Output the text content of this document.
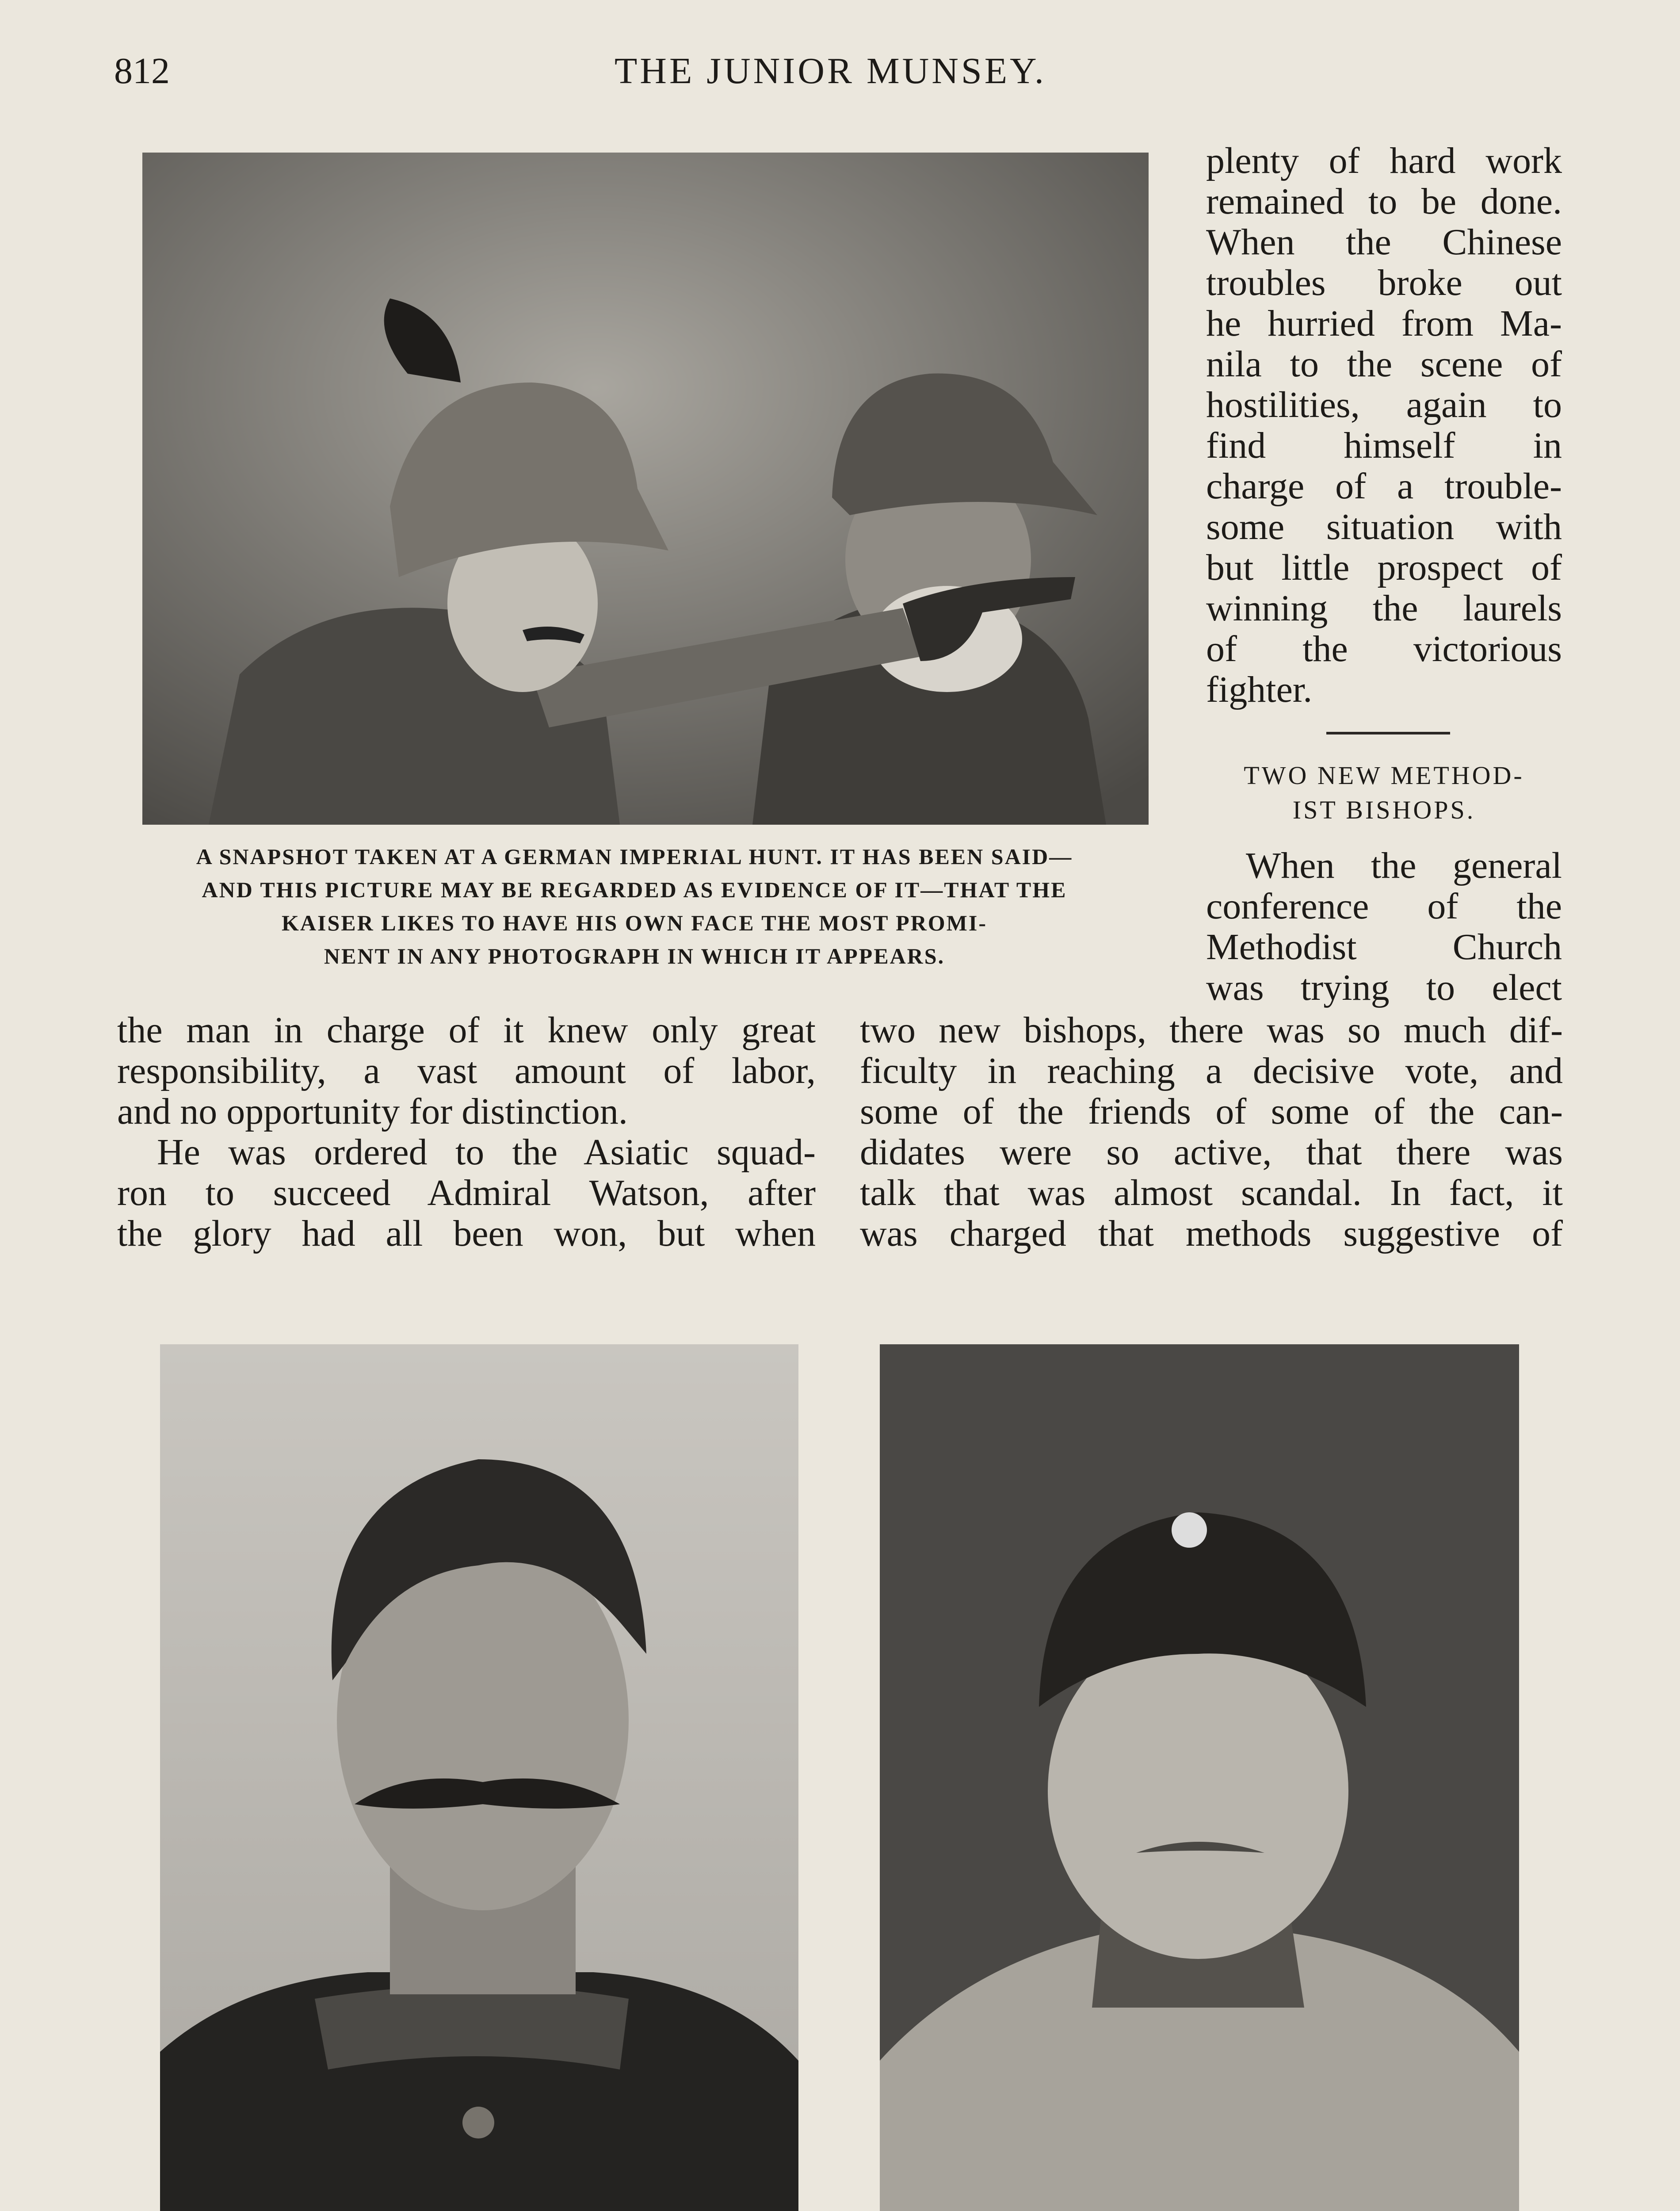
812	THE JUNIOR MUNSEY.
A SNAPSHOT TAKEN AT A GERMAN IMPERIAL HUNT. IT HAS BEEN SAID—
AND THIS PICTURE MAY BE REGARDED AS EVIDENCE OF IT—THAT THE
KAISER LIKES TO HAVE HIS OWN FACE THE MOST PROMI-
NENT IN ANY PHOTOGRAPH IN WHICH IT APPEARS.
plenty of hard work
remained to be done.
When the Chinese
troubles broke out
he hurried from Ma-
nila to the scene of
hostilities, again to
find himself in
charge of a trouble-
some situation with
but little prospect of
winning the laurels
of the victorious
fighter.
TWO NEW METHOD-
IST BISHOPS.
When the general
conference of the
Methodist Church
was trying to elect
the man in charge of it knew only great
responsibility, a vast amount of labor,
and no opportunity for distinction.
He was ordered to the Asiatic squad-
ron to succeed Admiral Watson, after
the glory had all been won, but when
two new bishops, there was so much dif-
ficulty in reaching a decisive vote, and
some of the friends of some of the can-
didates were so active, that there was
talk that was almost scandal. In fact, it
was charged that methods suggestive of
